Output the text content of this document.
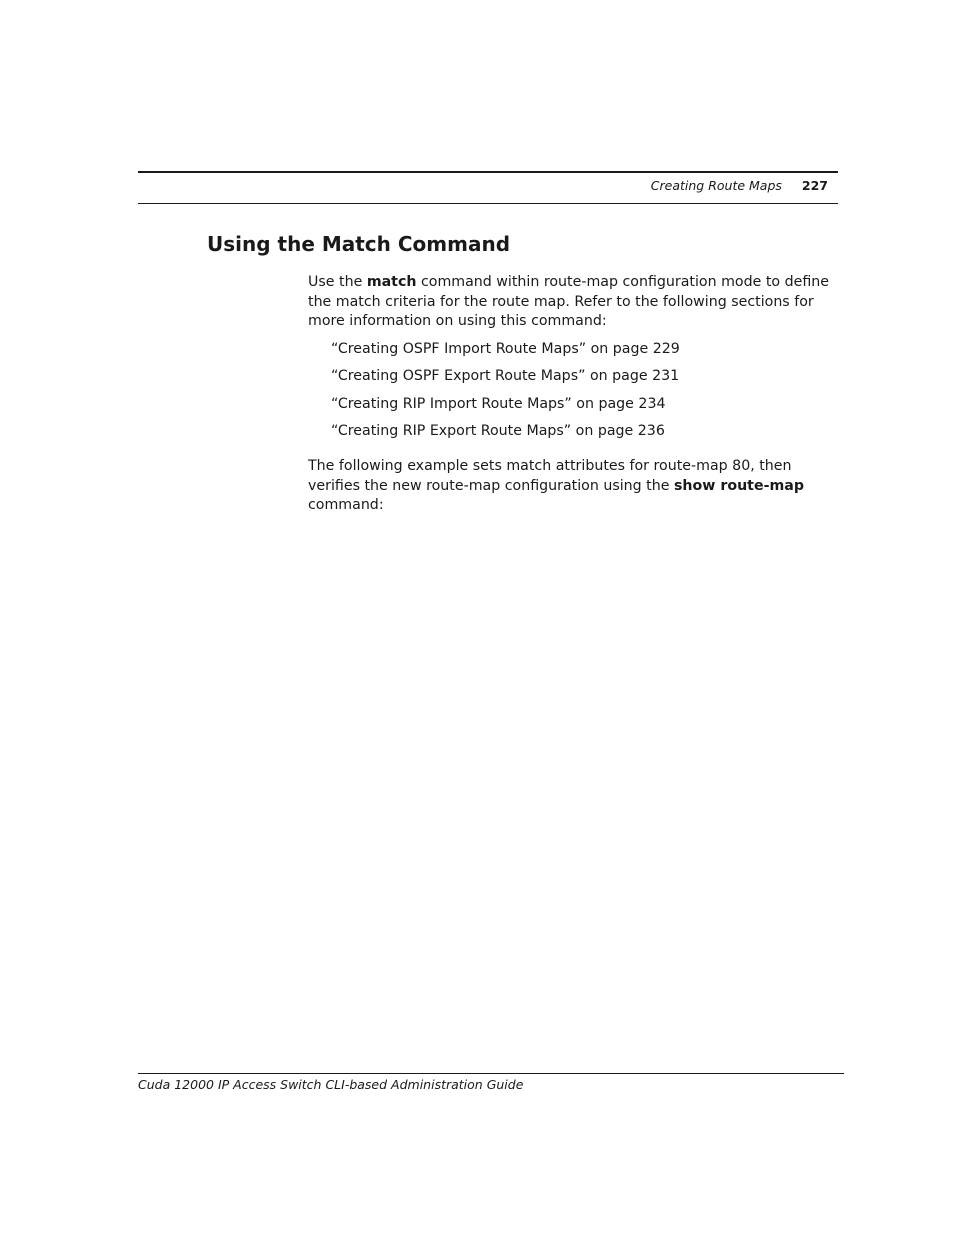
Creating Route Maps 227
Using the Match Command

Use the match command within route-map configuration mode to define the match criteria for the route map. Refer to the following sections for more information on using this command:

“Creating OSPF Import Route Maps” on page 229
“Creating OSPF Export Route Maps” on page 231
“Creating RIP Import Route Maps” on page 234
“Creating RIP Export Route Maps” on page 236

The following example sets match attributes for route-map 80, then verifies the new route-map configuration using the show route-map command:

Cuda 12000 IP Access Switch CLI-based Administration Guide
